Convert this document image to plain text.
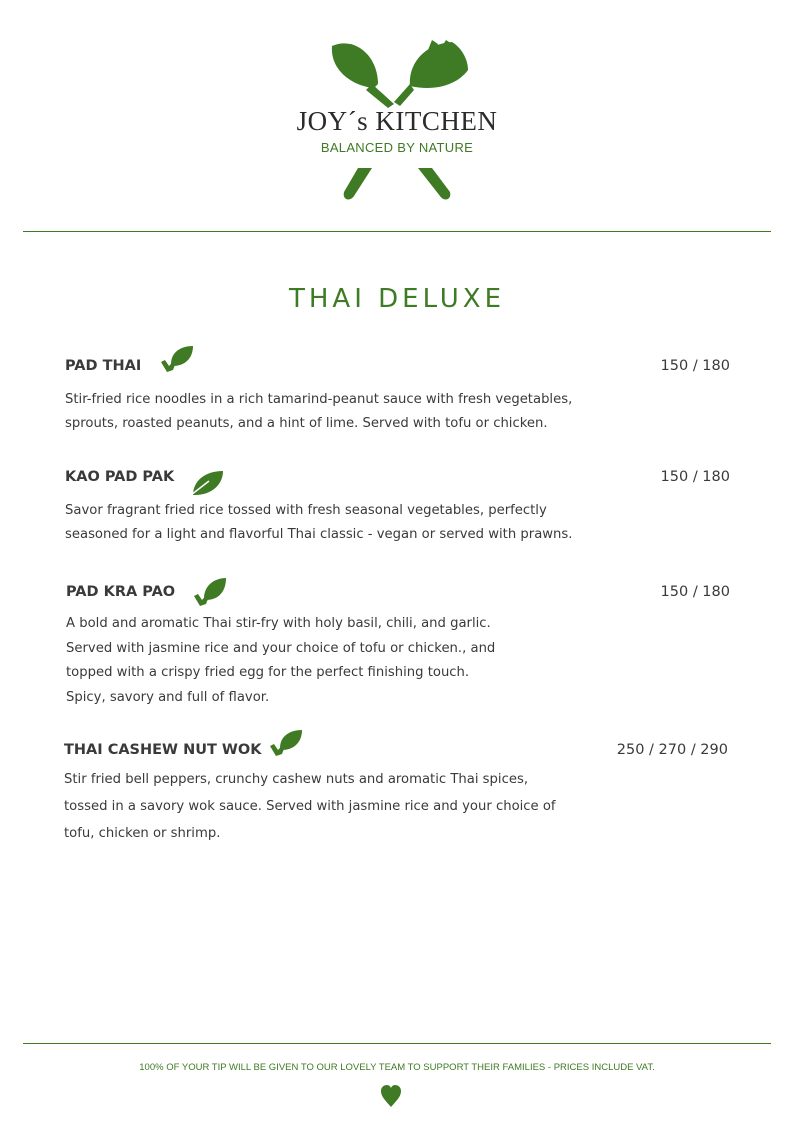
JOY´s KITCHEN
BALANCED BY NATURE
THAI DELUXE
PAD THAI	150 / 180

Stir-fried rice noodles in a rich tamarind-peanut sauce with fresh vegetables,
sprouts, roasted peanuts, and a hint of lime. Served with tofu or chicken.

KAO PAD PAK	150 / 180

Savor fragrant fried rice tossed with fresh seasonal vegetables, perfectly
seasoned for a light and flavorful Thai classic - vegan or served with prawns.

PAD KRA PAO	150 / 180

A bold and aromatic Thai stir-fry with holy basil, chili, and garlic.
Served with jasmine rice and your choice of tofu or chicken., and
topped with a crispy fried egg for the perfect finishing touch.
Spicy, savory and full of flavor.

THAI CASHEW NUT WOK	250 / 270 / 290

Stir fried bell peppers, crunchy cashew nuts and aromatic Thai spices,
tossed in a savory wok sauce. Served with jasmine rice and your choice of
tofu, chicken or shrimp.

100% OF YOUR TIP WILL BE GIVEN TO OUR LOVELY TEAM TO SUPPORT THEIR FAMILIES - PRICES INCLUDE VAT.
